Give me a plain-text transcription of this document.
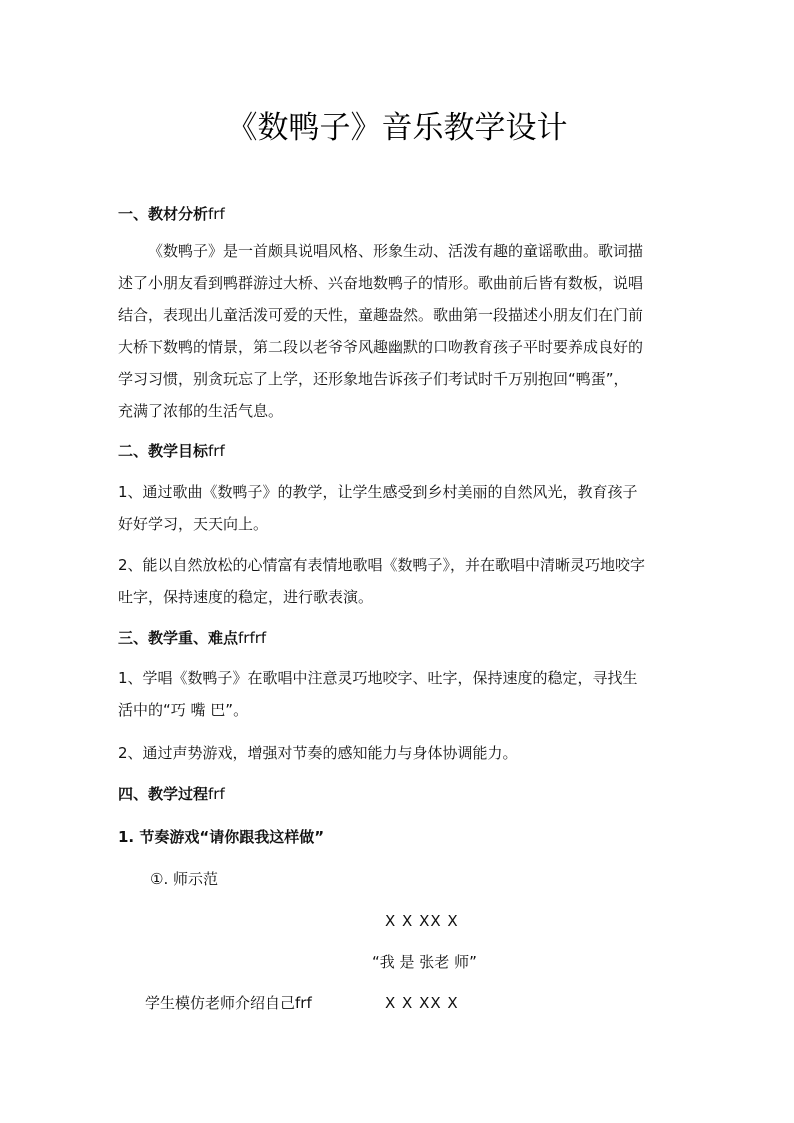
《数鸭子》音乐教学设计
一、教材分析frf
《数鸭子》是一首颇具说唱风格、形象生动、活泼有趣的童谣歌曲。歌词描
述了小朋友看到鸭群游过大桥、兴奋地数鸭子的情形。歌曲前后皆有数板，说唱
结合，表现出儿童活泼可爱的天性，童趣盎然。歌曲第一段描述小朋友们在门前
大桥下数鸭的情景，第二段以老爷爷风趣幽默的口吻教育孩子平时要养成良好的
学习习惯，别贪玩忘了上学，还形象地告诉孩子们考试时千万别抱回“鸭蛋”，
充满了浓郁的生活气息。
二、教学目标frf
1、通过歌曲《数鸭子》的教学，让学生感受到乡村美丽的自然风光，教育孩子
好好学习，天天向上。
2、能以自然放松的心情富有表情地歌唱《数鸭子》，并在歌唱中清晰灵巧地咬字
吐字，保持速度的稳定，进行歌表演。
三、教学重、难点frfrf
1、学唱《数鸭子》在歌唱中注意灵巧地咬字、吐字，保持速度的稳定，寻找生
活中的“巧 嘴 巴”。
2、通过声势游戏，增强对节奏的感知能力与身体协调能力。
四、教学过程frf
1. 节奏游戏“请你跟我这样做”
①. 师示范
X X XX X
“我 是 张老 师”
学生模仿老师介绍自己frf	X X XX X
